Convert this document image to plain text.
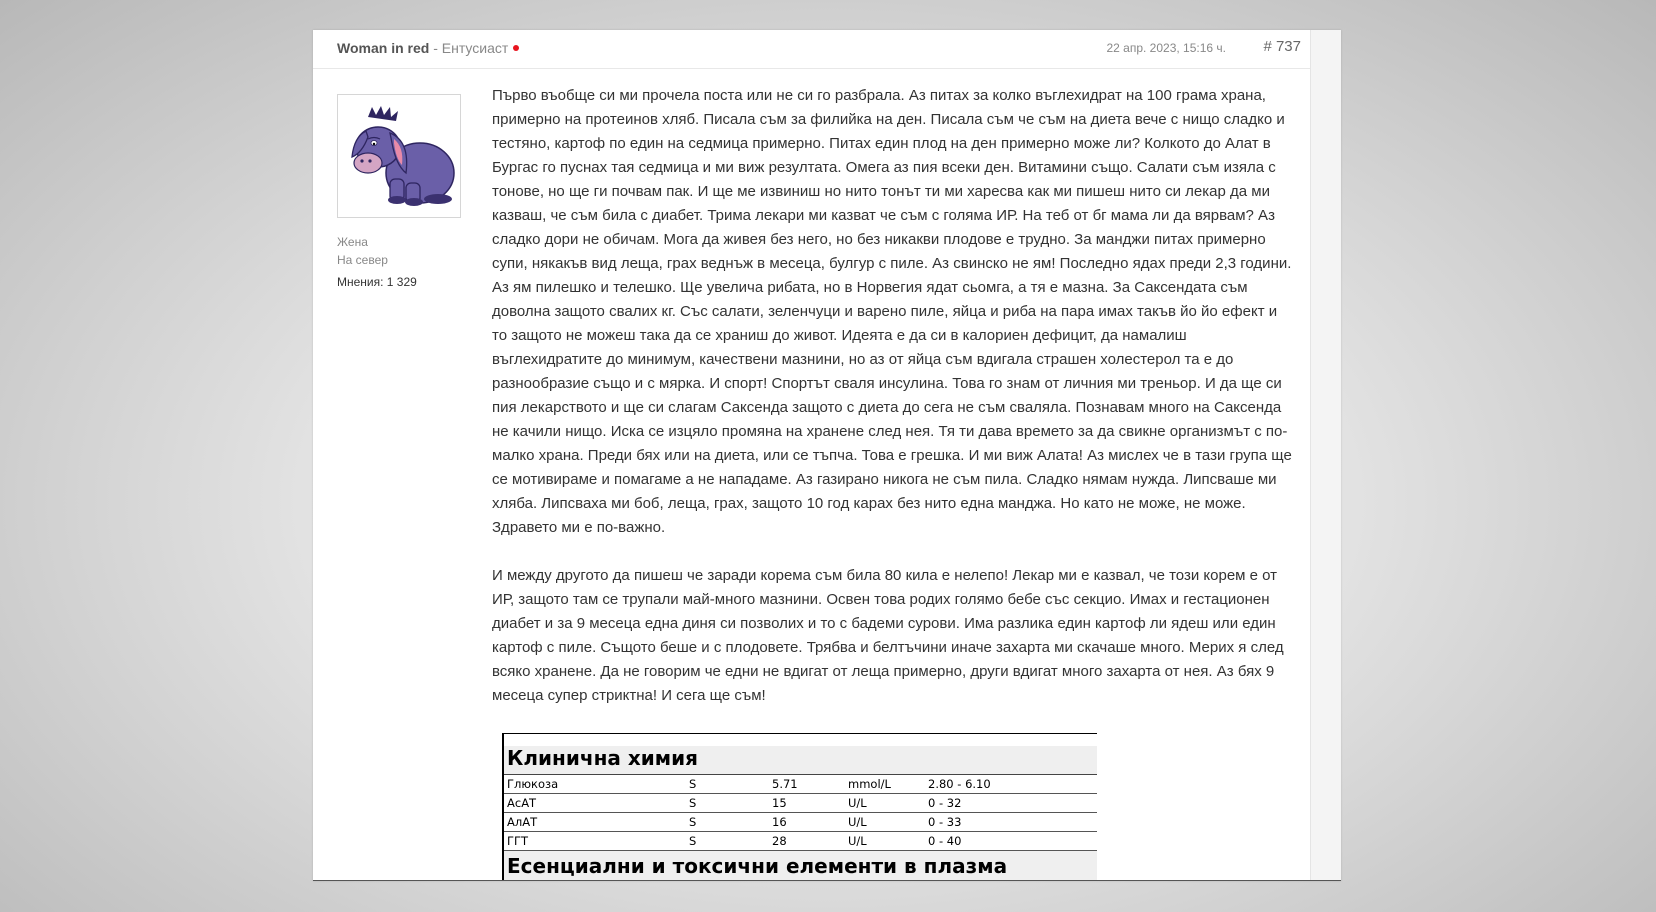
Woman in red - Ентусиаст	22 апр. 2023, 15:16 ч. # 737
Жена
На север
Мнения: 1 329

Първо въобще си ми прочела поста или не си го разбрала. Аз питах за колко въглехидрат на 100 грама храна, примерно на протеинов хляб. Писала съм за филийка на ден. Писала съм че съм на диета вече с нищо сладко и тестяно, картоф по един на седмица примерно. Питах един плод на ден примерно може ли? Колкото до Алат в Бургас го пуснах тая седмица и ми виж резултата. Омега аз пия всеки ден. Витамини също. Салати съм изяла с тонове, но ще ги почвам пак. И ще ме извиниш но нито тонът ти ми харесва как ми пишеш нито си лекар да ми казваш, че съм била с диабет. Трима лекари ми казват че съм с голяма ИР. На теб от бг мама ли да вярвам? Аз сладко дори не обичам. Мога да живея без него, но без никакви плодове е трудно. За манджи питах примерно супи, някакъв вид леща, грах веднъж в месеца, булгур с пиле. Аз свинско не ям! Последно ядах преди 2,3 години. Аз ям пилешко и телешко. Ще увелича рибата, но в Норвегия ядат сьомга, а тя е мазна. За Саксендата съм доволна защото свалих кг. Със салати, зеленчуци и варено пиле, яйца и риба на пара имах такъв йо йо ефект и то защото не можеш така да се храниш до живот. Идеята е да си в калориен дефицит, да намалиш въглехидратите до минимум, качествени мазнини, но аз от яйца съм вдигала страшен холестерол та е до разнообразие също и с мярка. И спорт! Спортът сваля инсулина. Това го знам от личния ми треньор. И да ще си пия лекарството и ще си слагам Саксенда защото с диета до сега не съм сваляла. Познавам много на Саксенда не качили нищо. Иска се изцяло промяна на хранене след нея. Тя ти дава времето за да свикне организмът с по-малко храна. Преди бях или на диета, или се тъпча. Това е грешка. И ми виж Алата! Аз мислех че в тази група ще се мотивираме и помагаме а не нападаме. Аз газирано никога не съм пила. Сладко нямам нужда. Липсваше ми хляба. Липсваха ми боб, леща, грах, защото 10 год карах без нито една манджа. Но като не може, не може. Здравето ми е по-важно.

И между другото да пишеш че заради корема съм била 80 кила е нелепо! Лекар ми е казвал, че този корем е от ИР, защото там се трупали май-много мазнини. Освен това родих голямо бебе със секцио. Имах и гестационен диабет и за 9 месеца една диня си позволих и то с бадеми сурови. Има разлика един картоф ли ядеш или един картоф с пиле. Същото беше и с плодовете. Трябва и белтъчини иначе захарта ми скачаше много. Мерих я след всяко хранене. Да не говорим че едни не вдигат от леща примерно, други вдигат много захарта от нея. Аз бях 9 месеца супер стриктна! И сега ще съм!

Клинична химия
Глюкоза	S	5.71	mmol/L	2.80 - 6.10
АсАТ	S	15	U/L	0 - 32
АлАТ	S	16	U/L	0 - 33
ГГТ	S	28	U/L	0 - 40
Есенциални и токсични елементи в плазма
